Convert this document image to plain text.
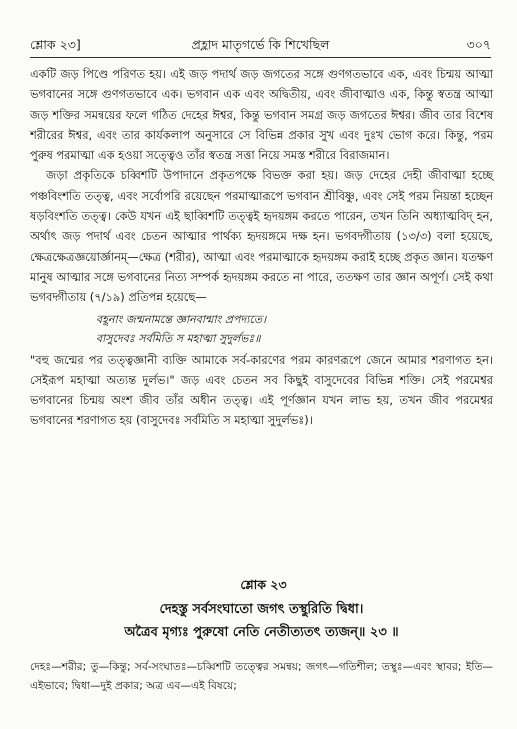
শ্লোক ২৩]	প্রহ্লাদ মাতৃগর্ভে কি শিখেছিল	৩০৭

একটি জড় পিণ্ডে পরিণত হয়। এই জড় পদার্থ জড় জগতের সঙ্গে গুণগতভাবে এক, এবং চিন্ময় আত্মা ভগবানের সঙ্গে গুণগতভাবে এক। ভগবান এক এবং অদ্বিতীয়, এবং জীবাত্মাও এক, কিন্তু স্বতন্ত্র আত্মা জড় শক্তির সমন্বয়ের ফলে গঠিত দেহের ঈশ্বর, কিন্তু ভগবান সমগ্র জড় জগতের ঈশ্বর। জীব তার বিশেষ শরীরের ঈশ্বর, এবং তার কার্যকলাপ অনুসারে সে বিভিন্ন প্রকার সুখ এবং দুঃখ ভোগ করে। কিন্তু, পরম পুরুষ পরমাত্মা এক হওয়া সত্ত্বেও তাঁর স্বতন্ত্র সত্তা নিয়ে সমস্ত শরীরে বিরাজমান।

জড়া প্রকৃতিকে চব্বিশটি উপাদানে প্রকৃতপক্ষে বিভক্ত করা হয়। জড় দেহের দেহী জীবাত্মা হচ্ছে পঞ্চবিংশতি তত্ত্ব, এবং সর্বোপরি রয়েছেন পরমাত্মারূপে ভগবান শ্রীবিষ্ণু, এবং সেই পরম নিয়ন্তা হচ্ছেন ষড়বিংশতি তত্ত্ব। কেউ যখন এই ছাব্বিশটি তত্ত্বই হৃদয়ঙ্গম করতে পারেন, তখন তিনি অধ্যাত্মবিদ্ হন, অর্থাৎ জড় পদার্থ এবং চেতন আত্মার পার্থক্য হৃদয়ঙ্গমে দক্ষ হন। ভগবদ্গীতায় (১৩/৩) বলা হয়েছে, ক্ষেত্রক্ষেত্রজ্ঞয়োর্জ্ঞানম্—ক্ষেত্র (শরীর), আত্মা এবং পরমাত্মাকে হৃদয়ঙ্গম করাই হচ্ছে প্রকৃত জ্ঞান। যতক্ষণ মানুষ আত্মার সঙ্গে ভগবানের নিত্য সম্পর্ক হৃদয়ঙ্গম করতে না পারে, ততক্ষণ তার জ্ঞান অপূর্ণ। সেই কথা ভগবদ্গীতায় (৭/১৯) প্রতিপন্ন হয়েছে—

বহূনাং জন্মনামন্তে জ্ঞানবান্মাং প্রপদ্যতে।
বাসুদেবঃ সর্বমিতি স মহাত্মা সুদুর্লভঃ॥

"বহু জন্মের পর তত্ত্বজ্ঞানী ব্যক্তি আমাকে সর্ব-কারণের পরম কারণরূপে জেনে আমার শরণাগত হন। সেইরূপ মহাত্মা অত্যন্ত দুর্লভ।" জড় এবং চেতন সব কিছুই বাসুদেবের বিভিন্ন শক্তি। সেই পরমেশ্বর ভগবানের চিন্ময় অংশ জীব তাঁর অধীন তত্ত্ব। এই পূর্ণজ্ঞান যখন লাভ হয়, তখন জীব পরমেশ্বর ভগবানের শরণাগত হয় (বাসুদেবঃ সর্বমিতি স মহাত্মা সুদুর্লভঃ)।

শ্লোক ২৩
দেহস্তু সর্বসংঘাতো জগৎ তস্থুরিতি দ্বিধা।
অত্রৈব মৃগ্যঃ পুরুষো নেতি নেতীত্যতৎ ত্যজন্॥ ২৩ ॥
দেহঃ—শরীর; তু—কিন্তু; সর্ব-সংঘাতঃ—চব্বিশটি তত্ত্বের সমন্বয়; জগৎ—গতিশীল; তস্থুঃ—এবং স্থাবর; ইতি—এইভাবে; দ্বিধা—দুই প্রকার; অত্র এব—এই বিষয়ে;
